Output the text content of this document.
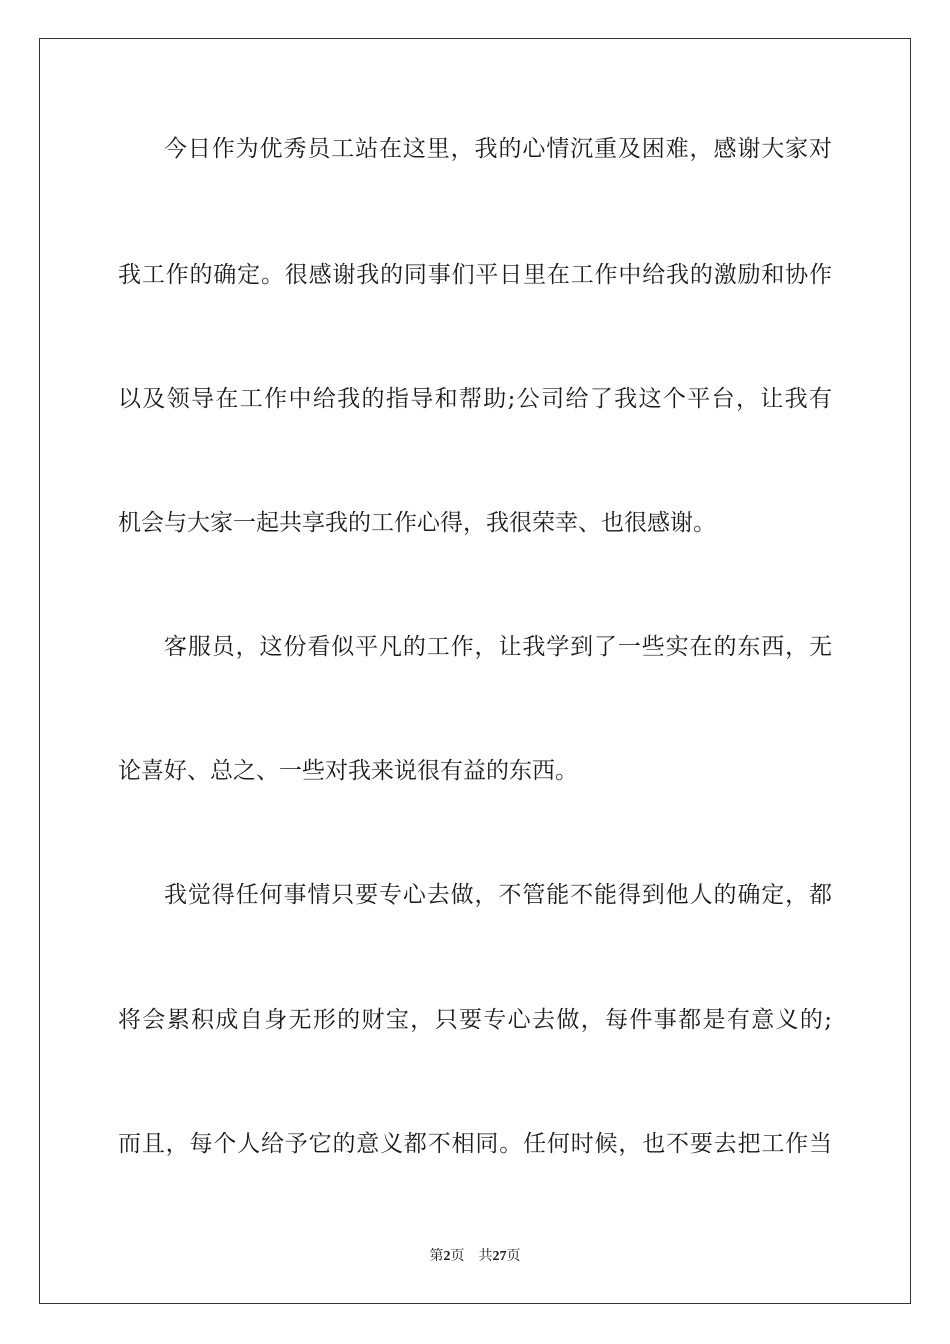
今日作为优秀员工站在这里，我的心情沉重及困难，感谢大家对

我工作的确定。很感谢我的同事们平日里在工作中给我的激励和协作

以及领导在工作中给我的指导和帮助;公司给了我这个平台，让我有

机会与大家一起共享我的工作心得，我很荣幸、也很感谢。

客服员，这份看似平凡的工作，让我学到了一些实在的东西，无

论喜好、总之、一些对我来说很有益的东西。

我觉得任何事情只要专心去做，不管能不能得到他人的确定，都

将会累积成自身无形的财宝，只要专心去做，每件事都是有意义的;

而且，每个人给予它的意义都不相同。任何时候，也不要去把工作当

第2页 共27页
